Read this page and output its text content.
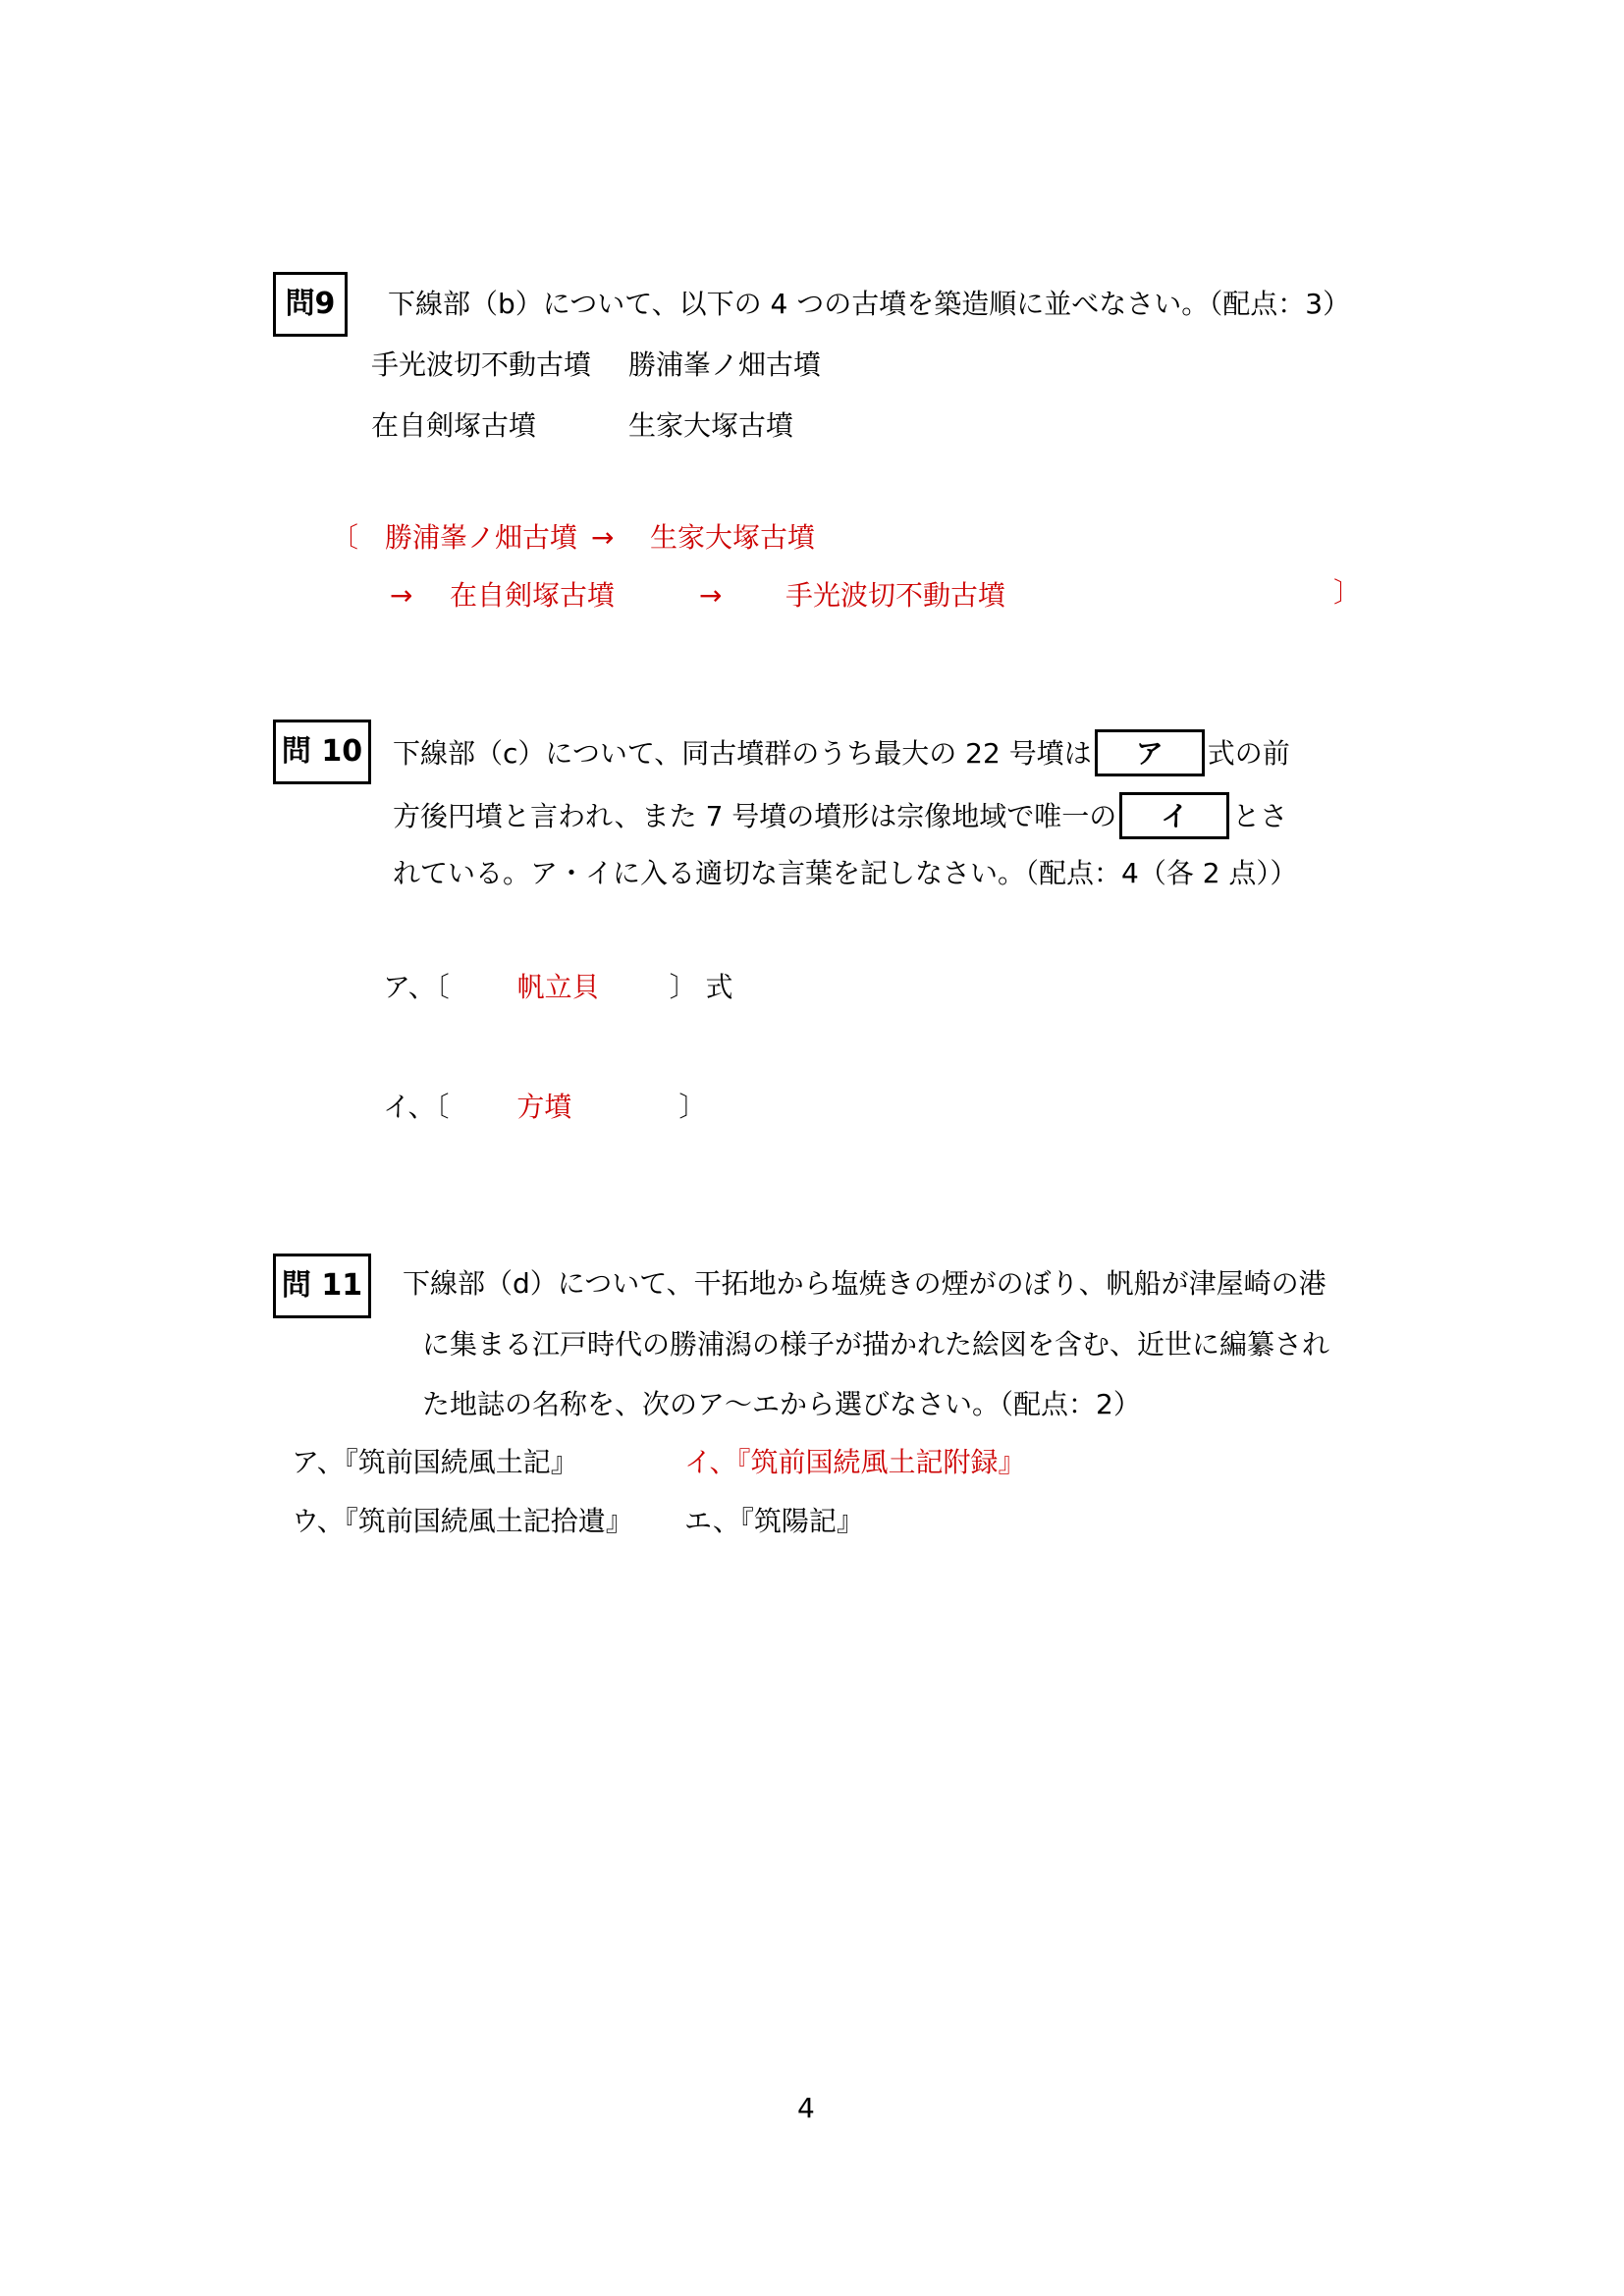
問9 下線部（b）について、以下の 4 つの古墳を築造順に並べなさい。（配点：3）
手光波切不動古墳	勝浦峯ノ畑古墳
在自剣塚古墳	生家大塚古墳
〔 勝浦峯ノ畑古墳 → 生家大塚古墳
→ 在自剣塚古墳	→ 手光波切不動古墳	〕
問 10 下線部（c）について、同古墳群のうち最大の 22 号墳は ア 式の前
方後円墳と言われ、また 7 号墳の墳形は宗像地域で唯一の イ とさ
れている。ア・イに入る適切な言葉を記しなさい。（配点：4（各 2 点））
ア、〔 帆立貝	〕 式
イ、〔 方墳	〕
問 11 下線部（d）について、干拓地から塩焼きの煙がのぼり、帆船が津屋崎の港
に集まる江戸時代の勝浦潟の様子が描かれた絵図を含む、近世に編纂され
た地誌の名称を、次のア〜エから選びなさい。（配点：2）
ア、『筑前国続風土記』	イ、『筑前国続風土記附録』
ウ、『筑前国続風土記拾遺』	エ、『筑陽記』
4
